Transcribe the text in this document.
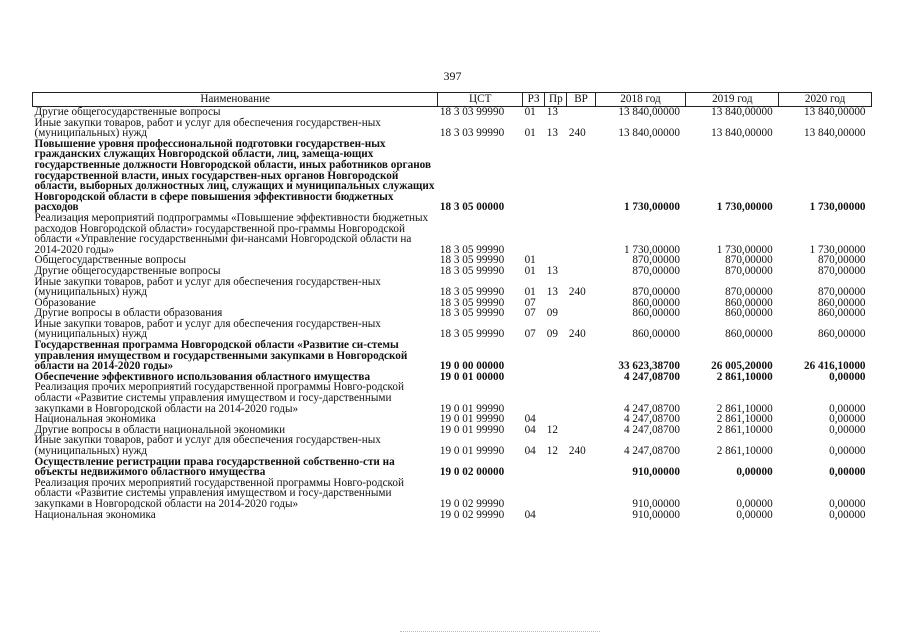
397
Наименование	ЦСТ	РЗ	Пр	ВР	2018 год	2019 год	2020 год
Другие общегосударственные вопросы	18 3 03 99990	01	13		13 840,00000	13 840,00000	13 840,00000
Иные закупки товаров, работ и услуг для обеспечения государствен-ных (муниципальных) нужд	18 3 03 99990	01	13	240	13 840,00000	13 840,00000	13 840,00000
Повышение уровня профессиональной подготовки государствен-ных гражданских служащих Новгородской области, лиц, замеща-ющих государственные должности Новгородской области, иных работников органов государственной власти, иных государствен-ных органов Новгородской области, выборных должностных лиц, служащих и муниципальных служащих Новгородской области в сфере повышения эффективности бюджетных расходов	18 3 05 00000				1 730,00000	1 730,00000	1 730,00000
Реализация мероприятий подпрограммы «Повышение эффективности бюджетных расходов Новгородской области» государственной про-граммы Новгородской области «Управление государственными фи-нансами Новгородской области на 2014-2020 годы»	18 3 05 99990				1 730,00000	1 730,00000	1 730,00000
Общегосударственные вопросы	18 3 05 99990	01			870,00000	870,00000	870,00000
Другие общегосударственные вопросы	18 3 05 99990	01	13		870,00000	870,00000	870,00000
Иные закупки товаров, работ и услуг для обеспечения государствен-ных (муниципальных) нужд	18 3 05 99990	01	13	240	870,00000	870,00000	870,00000
Образование	18 3 05 99990	07			860,00000	860,00000	860,00000
Другие вопросы в области образования	18 3 05 99990	07	09		860,00000	860,00000	860,00000
Иные закупки товаров, работ и услуг для обеспечения государствен-ных (муниципальных) нужд	18 3 05 99990	07	09	240	860,00000	860,00000	860,00000
Государственная программа Новгородской области «Развитие си-стемы управления имуществом и государственными закупками в Новгородской области на 2014-2020 годы»	19 0 00 00000				33 623,38700	26 005,20000	26 416,10000
Обеспечение эффективного использования областного имущества	19 0 01 00000				4 247,08700	2 861,10000	0,00000
Реализация прочих мероприятий государственной программы Новго-родской области «Развитие системы управления имуществом и госу-дарственными закупками в Новгородской области на 2014-2020 годы»	19 0 01 99990				4 247,08700	2 861,10000	0,00000
Национальная экономика	19 0 01 99990	04			4 247,08700	2 861,10000	0,00000
Другие вопросы в области национальной экономики	19 0 01 99990	04	12		4 247,08700	2 861,10000	0,00000
Иные закупки товаров, работ и услуг для обеспечения государствен-ных (муниципальных) нужд	19 0 01 99990	04	12	240	4 247,08700	2 861,10000	0,00000
Осуществление регистрации права государственной собственно-сти на объекты недвижимого областного имущества	19 0 02 00000				910,00000	0,00000	0,00000
Реализация прочих мероприятий государственной программы Новго-родской области «Развитие системы управления имуществом и госу-дарственными закупками в Новгородской области на 2014-2020 годы»	19 0 02 99990				910,00000	0,00000	0,00000
Национальная экономика	19 0 02 99990	04			910,00000	0,00000	0,00000
